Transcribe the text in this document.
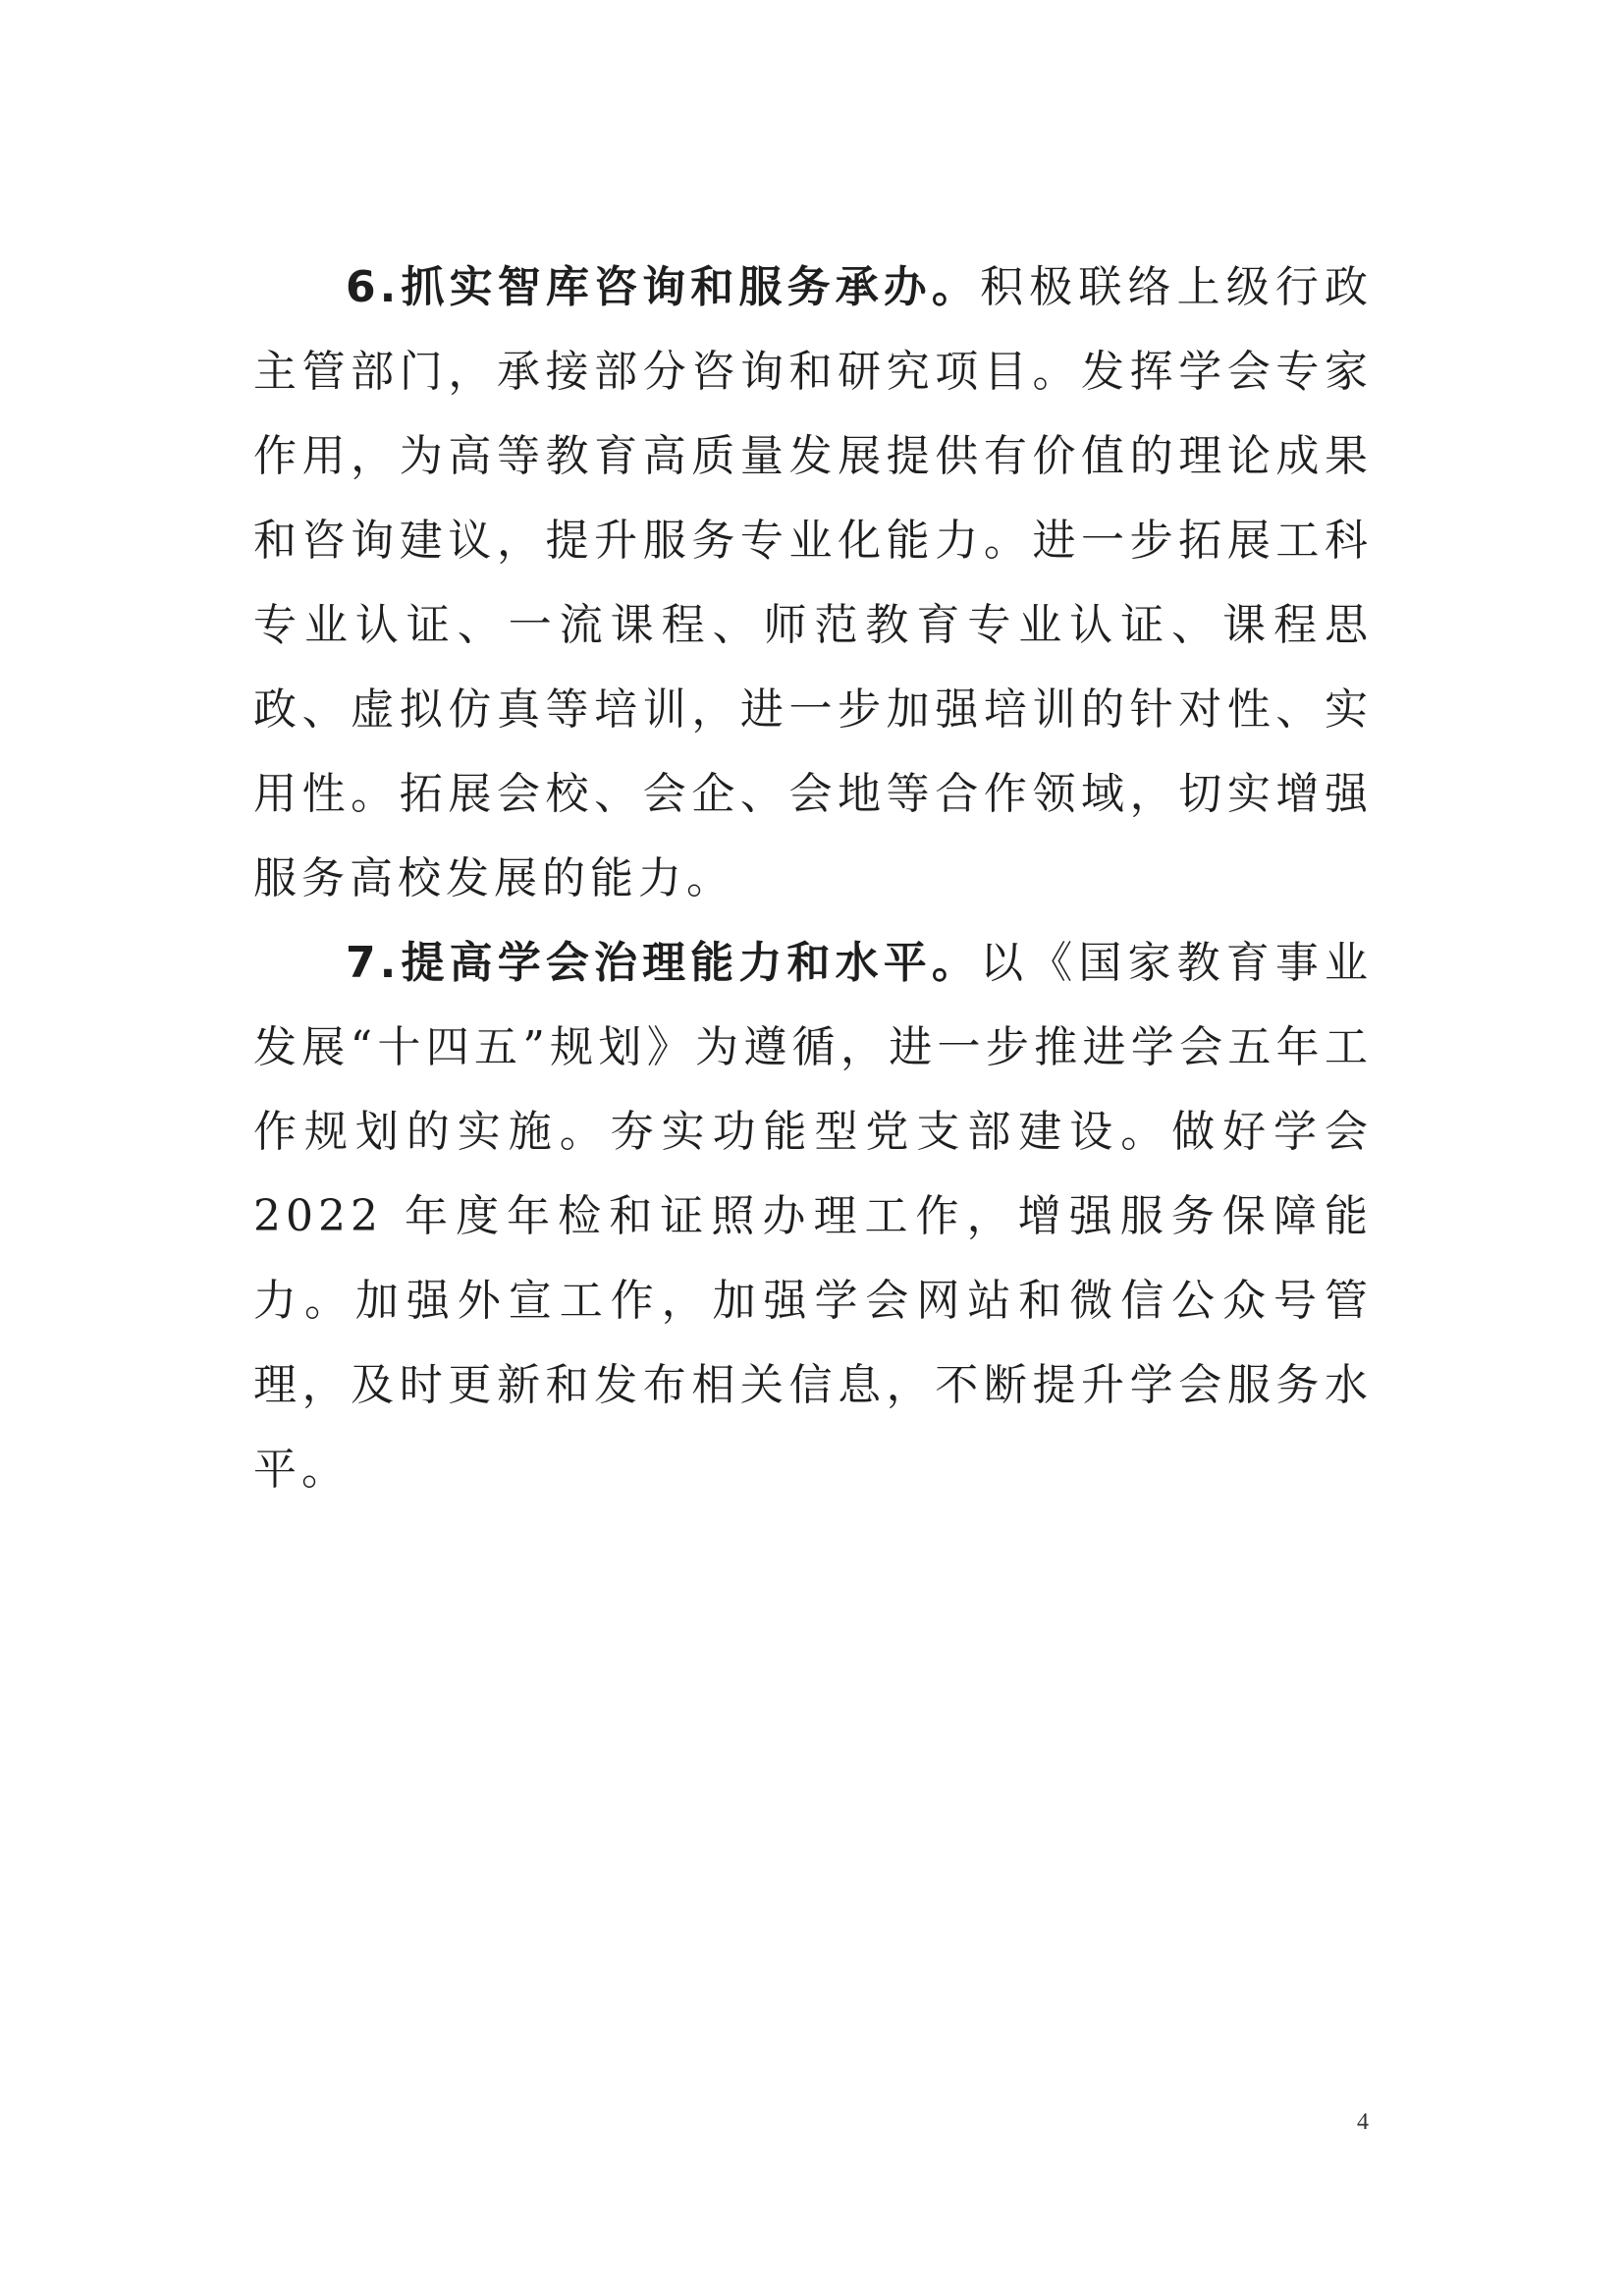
6.抓实智库咨询和服务承办。积极联络上级行政主管部门，承接部分咨询和研究项目。发挥学会专家作用，为高等教育高质量发展提供有价值的理论成果和咨询建议，提升服务专业化能力。进一步拓展工科专业认证、一流课程、师范教育专业认证、课程思政、虚拟仿真等培训，进一步加强培训的针对性、实用性。拓展会校、会企、会地等合作领域，切实增强服务高校发展的能力。

7.提高学会治理能力和水平。以《国家教育事业发展“十四五”规划》为遵循，进一步推进学会五年工作规划的实施。夯实功能型党支部建设。做好学会 2022 年度年检和证照办理工作，增强服务保障能力。加强外宣工作，加强学会网站和微信公众号管理，及时更新和发布相关信息，不断提升学会服务水平。

4
